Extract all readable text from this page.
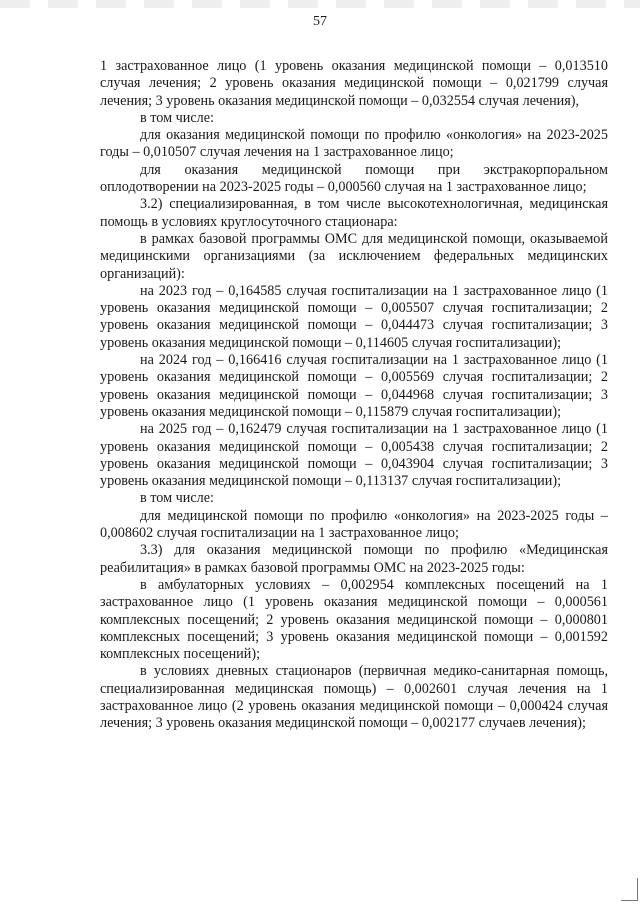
57

1 застрахованное лицо (1 уровень оказания медицинской помощи – 0,013510 случая лечения; 2 уровень оказания медицинской помощи – 0,021799 случая лечения; 3 уровень оказания медицинской помощи – 0,032554 случая лечения),

в том числе:

для оказания медицинской помощи по профилю «онкология» на 2023-2025 годы – 0,010507 случая лечения на 1 застрахованное лицо;

для оказания медицинской помощи при экстракорпоральном оплодотворении на 2023-2025 годы – 0,000560 случая на 1 застрахованное лицо;

3.2) специализированная, в том числе высокотехнологичная, медицинская помощь в условиях круглосуточного стационара:

в рамках базовой программы ОМС для медицинской помощи, оказываемой медицинскими организациями (за исключением федеральных медицинских организаций):

на 2023 год – 0,164585 случая госпитализации на 1 застрахованное лицо (1 уровень оказания медицинской помощи – 0,005507 случая госпитализации; 2 уровень оказания медицинской помощи – 0,044473 случая госпитализации; 3 уровень оказания медицинской помощи – 0,114605 случая госпитализации);

на 2024 год – 0,166416 случая госпитализации на 1 застрахованное лицо (1 уровень оказания медицинской помощи – 0,005569 случая госпитализации; 2 уровень оказания медицинской помощи – 0,044968 случая госпитализации; 3 уровень оказания медицинской помощи – 0,115879 случая госпитализации);

на 2025 год – 0,162479 случая госпитализации на 1 застрахованное лицо (1 уровень оказания медицинской помощи – 0,005438 случая госпитализации; 2 уровень оказания медицинской помощи – 0,043904 случая госпитализации; 3 уровень оказания медицинской помощи – 0,113137 случая госпитализации);

в том числе:

для медицинской помощи по профилю «онкология» на 2023-2025 годы – 0,008602 случая госпитализации на 1 застрахованное лицо;

3.3) для оказания медицинской помощи по профилю «Медицинская реабилитация» в рамках базовой программы ОМС на 2023-2025 годы:

в амбулаторных условиях – 0,002954 комплексных посещений на 1 застрахованное лицо (1 уровень оказания медицинской помощи – 0,000561 комплексных посещений; 2 уровень оказания медицинской помощи – 0,000801 комплексных посещений; 3 уровень оказания медицинской помощи – 0,001592 комплексных посещений);

в условиях дневных стационаров (первичная медико-санитарная помощь, специализированная медицинская помощь) – 0,002601 случая лечения на 1 застрахованное лицо (2 уровень оказания медицинской помощи – 0,000424 случая лечения; 3 уровень оказания медицинской помощи – 0,002177 случаев лечения);
